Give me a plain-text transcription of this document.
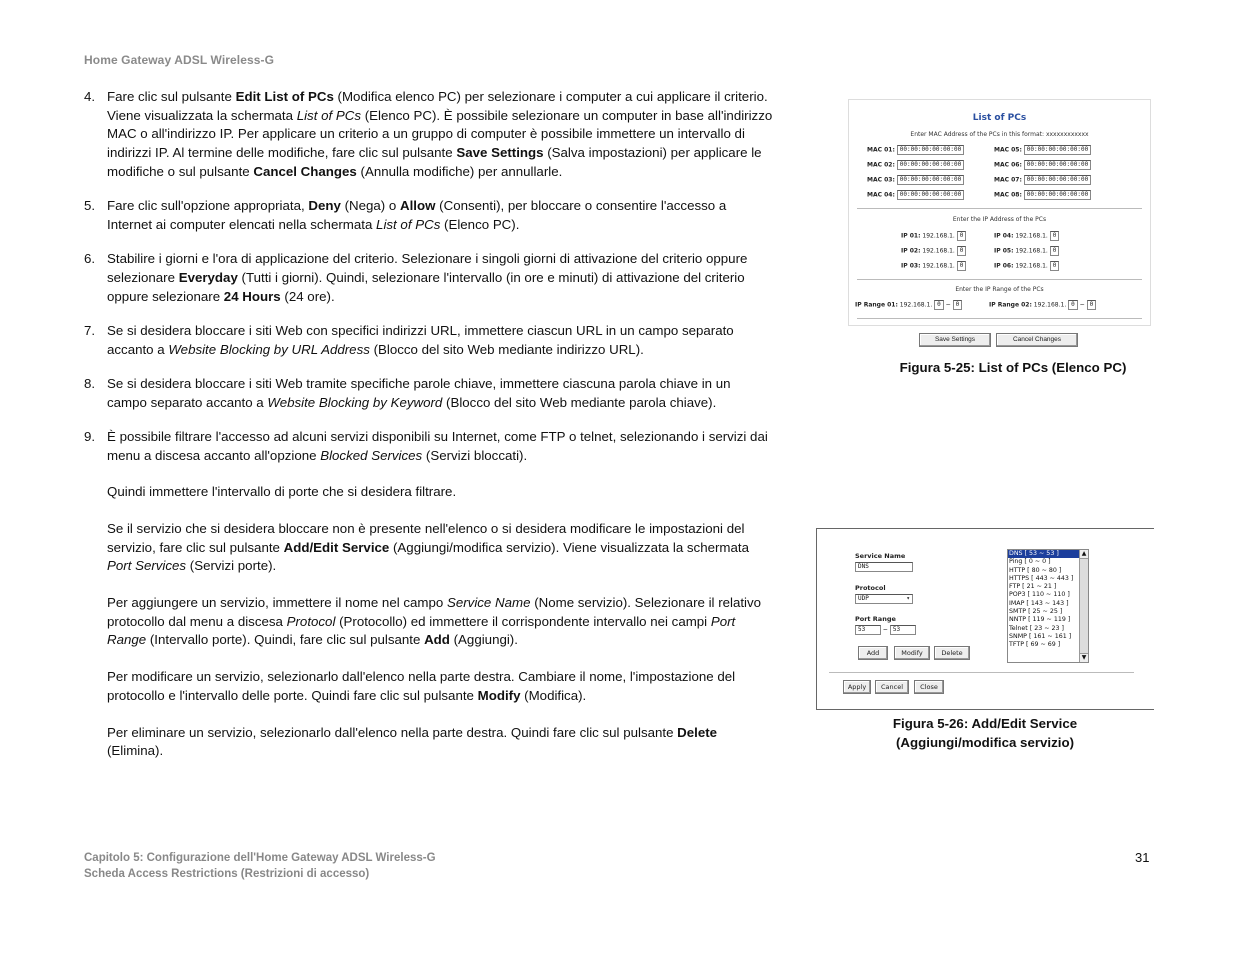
Home Gateway ADSL Wireless-G
4. Fare clic sul pulsante Edit List of PCs (Modifica elenco PC) per selezionare i computer a cui applicare il criterio. Viene visualizzata la schermata List of PCs (Elenco PC). È possibile selezionare un computer in base all'indirizzo MAC o all'indirizzo IP. Per applicare un criterio a un gruppo di computer è possibile immettere un intervallo di indirizzi IP. Al termine delle modifiche, fare clic sul pulsante Save Settings (Salva impostazioni) per applicare le modifiche o sul pulsante Cancel Changes (Annulla modifiche) per annullarle.
5. Fare clic sull'opzione appropriata, Deny (Nega) o Allow (Consenti), per bloccare o consentire l'accesso a Internet ai computer elencati nella schermata List of PCs (Elenco PC).
6. Stabilire i giorni e l'ora di applicazione del criterio. Selezionare i singoli giorni di attivazione del criterio oppure selezionare Everyday (Tutti i giorni). Quindi, selezionare l'intervallo (in ore e minuti) di attivazione del criterio oppure selezionare 24 Hours (24 ore).
7. Se si desidera bloccare i siti Web con specifici indirizzi URL, immettere ciascun URL in un campo separato accanto a Website Blocking by URL Address (Blocco del sito Web mediante indirizzo URL).
8. Se si desidera bloccare i siti Web tramite specifiche parole chiave, immettere ciascuna parola chiave in un campo separato accanto a Website Blocking by Keyword (Blocco del sito Web mediante parola chiave).
9. È possibile filtrare l'accesso ad alcuni servizi disponibili su Internet, come FTP o telnet, selezionando i servizi dai menu a discesa accanto all'opzione Blocked Services (Servizi bloccati).
Quindi immettere l'intervallo di porte che si desidera filtrare.
Se il servizio che si desidera bloccare non è presente nell'elenco o si desidera modificare le impostazioni del servizio, fare clic sul pulsante Add/Edit Service (Aggiungi/modifica servizio). Viene visualizzata la schermata Port Services (Servizi porte).
Per aggiungere un servizio, immettere il nome nel campo Service Name (Nome servizio). Selezionare il relativo protocollo dal menu a discesa Protocol (Protocollo) ed immettere il corrispondente intervallo nei campi Port Range (Intervallo porte). Quindi, fare clic sul pulsante Add (Aggiungi).
Per modificare un servizio, selezionarlo dall'elenco nella parte destra. Cambiare il nome, l'impostazione del protocollo e l'intervallo delle porte. Quindi fare clic sul pulsante Modify (Modifica).
Per eliminare un servizio, selezionarlo dall'elenco nella parte destra. Quindi fare clic sul pulsante Delete (Elimina).
List of PCs
Enter MAC Address of the PCs in this format: xxxxxxxxxxxx
MAC 01: 00:00:00:00:00:00
MAC 02: 00:00:00:00:00:00
MAC 03: 00:00:00:00:00:00
MAC 04: 00:00:00:00:00:00
MAC 05: 00:00:00:00:00:00
MAC 06: 00:00:00:00:00:00
MAC 07: 00:00:00:00:00:00
MAC 08: 00:00:00:00:00:00
Enter the IP Address of the PCs
IP 01: 192.168.1. 0
IP 02: 192.168.1. 0
IP 03: 192.168.1. 0
IP 04: 192.168.1. 0
IP 05: 192.168.1. 0
IP 06: 192.168.1. 0
Enter the IP Range of the PCs
IP Range 01: 192.168.1. 0 ~ 0	IP Range 02: 192.168.1. 0 ~ 0
Save Settings	Cancel Changes
Figura 5-25: List of PCs (Elenco PC)
Service Name
DNS
Protocol
UDP	▾
Port Range
53	~ 53
Add	Modify	Delete
DNS [ 53 ~ 53 ]
Ping [ 0 ~ 0 ]
HTTP [ 80 ~ 80 ]
HTTPS [ 443 ~ 443 ]
FTP [ 21 ~ 21 ]
POP3 [ 110 ~ 110 ]
IMAP [ 143 ~ 143 ]
SMTP [ 25 ~ 25 ]
NNTP [ 119 ~ 119 ]
Telnet [ 23 ~ 23 ]
SNMP [ 161 ~ 161 ]
TFTP [ 69 ~ 69 ]
▲
▼
Apply	Cancel	Close
Figura 5-26: Add/Edit Service
(Aggiungi/modifica servizio)
Capitolo 5: Configurazione dell'Home Gateway ADSL Wireless-G
Scheda Access Restrictions (Restrizioni di accesso)
31
